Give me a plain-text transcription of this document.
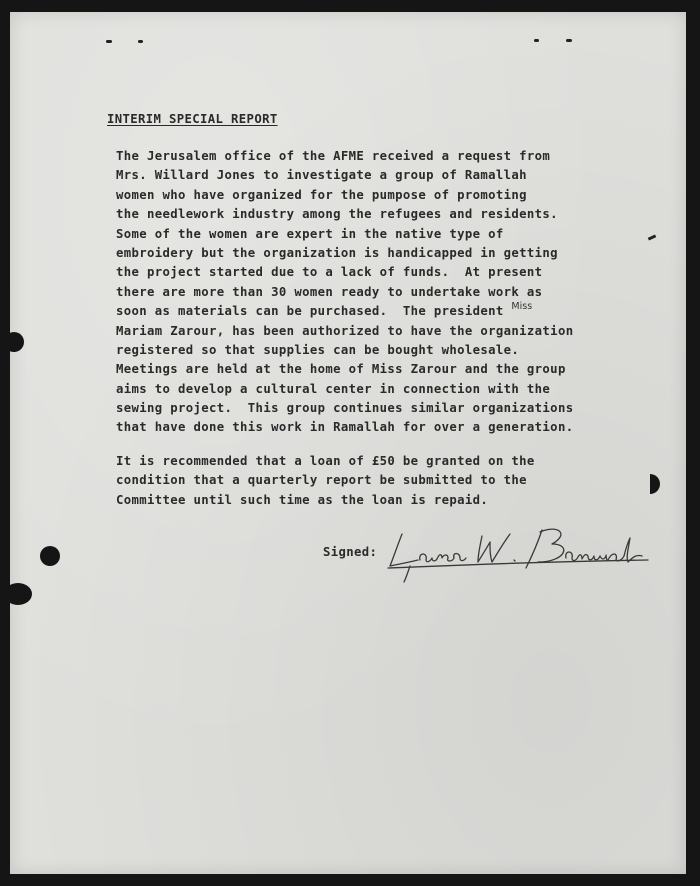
INTERIM SPECIAL REPORT
The Jerusalem office of the AFME received a request from
Mrs. Willard Jones to investigate a group of Ramallah
women who have organized for the pumpose of promoting
the needlework industry among the refugees and residents.
Some of the women are expert in the native type of
embroidery but the organization is handicapped in getting
the project started due to a lack of funds.  At present
there are more than 30 women ready to undertake work as
soon as materials can be purchased.  The president $^{Miss}$
Mariam Zarour, has been authorized to have the organization
registered so that supplies can be bought wholesale.
Meetings are held at the home of Miss Zarour and the group
aims to develop a cultural center in connection with the
sewing project.  This group continues similar organizations
that have done this work in Ramallah for over a generation.
It is recommended that a loan of £50 be granted on the
condition that a quarterly report be submitted to the
Committee until such time as the loan is repaid.
Signed:
